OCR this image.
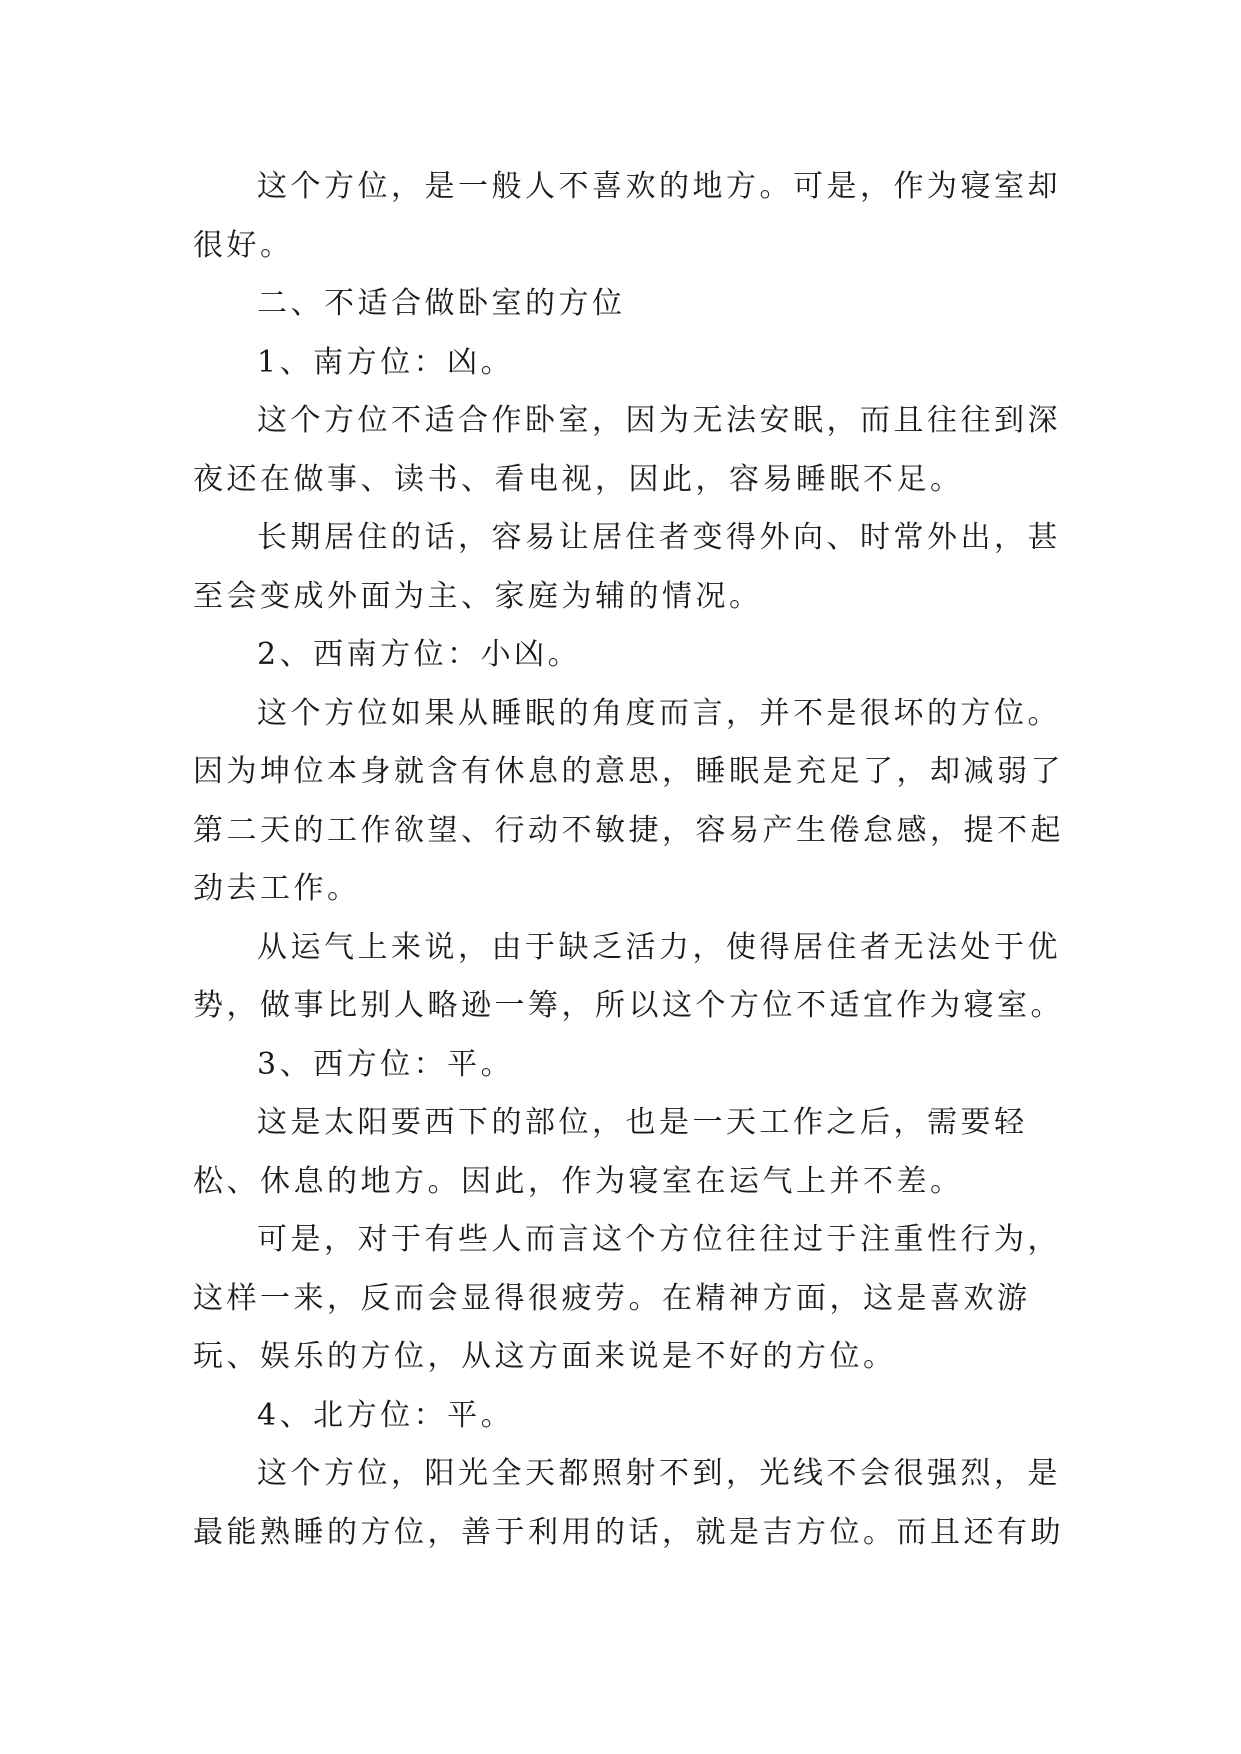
这个方位，是一般人不喜欢的地方。可是，作为寝室却很好。

二、不适合做卧室的方位

1、南方位：凶。

这个方位不适合作卧室，因为无法安眠，而且往往到深夜还在做事、读书、看电视，因此，容易睡眠不足。

长期居住的话，容易让居住者变得外向、时常外出，甚至会变成外面为主、家庭为辅的情况。

2、西南方位：小凶。

这个方位如果从睡眠的角度而言，并不是很坏的方位。因为坤位本身就含有休息的意思，睡眠是充足了，却减弱了第二天的工作欲望、行动不敏捷，容易产生倦怠感，提不起劲去工作。

从运气上来说，由于缺乏活力，使得居住者无法处于优势，做事比别人略逊一筹，所以这个方位不适宜作为寝室。

3、西方位：平。

这是太阳要西下的部位，也是一天工作之后，需要轻松、休息的地方。因此，作为寝室在运气上并不差。

可是，对于有些人而言这个方位往往过于注重性行为，这样一来，反而会显得很疲劳。在精神方面，这是喜欢游玩、娱乐的方位，从这方面来说是不好的方位。

4、北方位：平。

这个方位，阳光全天都照射不到，光线不会很强烈，是最能熟睡的方位，善于利用的话，就是吉方位。而且还有助
